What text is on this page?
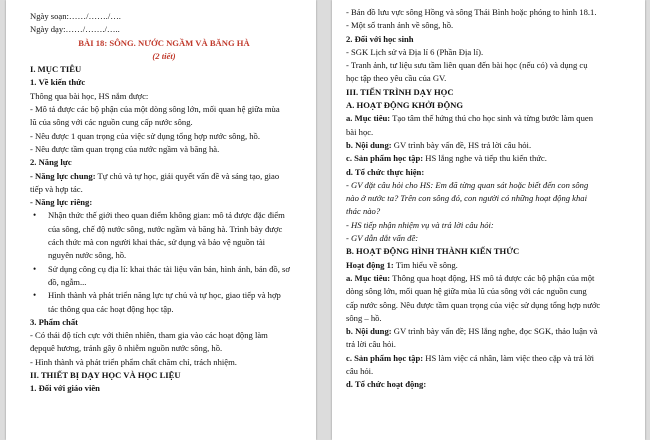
Ngày soạn:……/……./….
Ngày dạy:……/……./…..
BÀI 18: SÔNG. NƯỚC NGẦM VÀ BĂNG HÀ
(2 tiết)
I. MỤC TIÊU
1. Về kiến thức
Thông qua bài học, HS nắm được:
- Mô tả được các bộ phận của một dòng sông lớn, mối quan hệ giữa mùa
lũ của sông với các nguồn cung cấp nước sông.
- Nêu được 1 quan trọng của việc sử dụng tổng hợp nước sông, hồ.
- Nêu được tầm quan trọng của nước ngầm và băng hà.
2. Năng lực
- Năng lực chung: Tự chủ và tự học, giải quyết vấn đề và sáng tạo, giao
tiếp và hợp tác.
- Năng lực riêng:
• Nhận thức thế giới theo quan điểm không gian: mô tả được đặc điểm
của sông, chế độ nước sông, nước ngầm và băng hà. Trình bày được
cách thức mà con người khai thác, sử dụng và bảo vệ nguồn tài
nguyên nước sông, hồ.
• Sử dụng công cụ địa lí: khai thác tài liệu văn bản, hình ảnh, bản đồ, sơ
đồ, ngẫm...
• Hình thành và phát triển năng lực tự chủ và tự học, giao tiếp và hợp
tác thông qua các hoạt động học tập.
3. Phẩm chất
- Có thái độ tích cực với thiên nhiên, tham gia vào các hoạt động làm
đẹpquê hương, tránh gây ô nhiễm nguồn nước sông, hồ.
- Hình thành và phát triển phẩm chất chăm chỉ, trách nhiệm.
II. THIẾT BỊ DẠY HỌC VÀ HỌC LIỆU
1. Đối với giáo viên
- Bản đồ lưu vực sông Hồng và sông Thái Bình hoặc phóng to hình 18.1.
- Một số tranh ảnh về sông, hồ.
2. Đối với học sinh
- SGK Lịch sử và Địa lí 6 (Phần Địa lí).
- Tranh ảnh, tư liệu sưu tầm liên quan đến bài học (nếu có) và dụng cụ
học tập theo yêu cầu của GV.
III. TIẾN TRÌNH DẠY HỌC
A. HOẠT ĐỘNG KHỞI ĐỘNG
a. Mục tiêu: Tạo tâm thế hứng thú cho học sinh và từng bước làm quen
bài học.
b. Nội dung: GV trình bày vấn đề, HS trả lời câu hỏi.
c. Sản phẩm học tập: HS lắng nghe và tiếp thu kiến thức.
d. Tổ chức thực hiện:
- GV đặt câu hỏi cho HS: Em đã từng quan sát hoặc biết đến con sông
nào ở nước ta? Trên con sông đó, con người có những hoạt động khai
thác nào?
- HS tiếp nhận nhiệm vụ và trả lời câu hỏi:
- GV dẫn dắt vấn đề:
B. HOẠT ĐỘNG HÌNH THÀNH KIẾN THỨC
Hoạt động 1: Tìm hiểu về sông.
a. Mục tiêu: Thông qua hoạt động, HS mô tả được các bộ phận của một
dòng sông lớn, mối quan hệ giữa mùa lũ của sông với các nguồn cung
cấp nước sông. Nêu được tầm quan trọng của việc sử dụng tổng hợp nước
sông – hồ.
b. Nội dung: GV trình bày vấn đề; HS lắng nghe, đọc SGK, thảo luận và
trả lời câu hỏi.
c. Sản phẩm học tập: HS làm việc cá nhân, làm việc theo cặp và trả lời
câu hỏi.
d. Tổ chức hoạt động:
